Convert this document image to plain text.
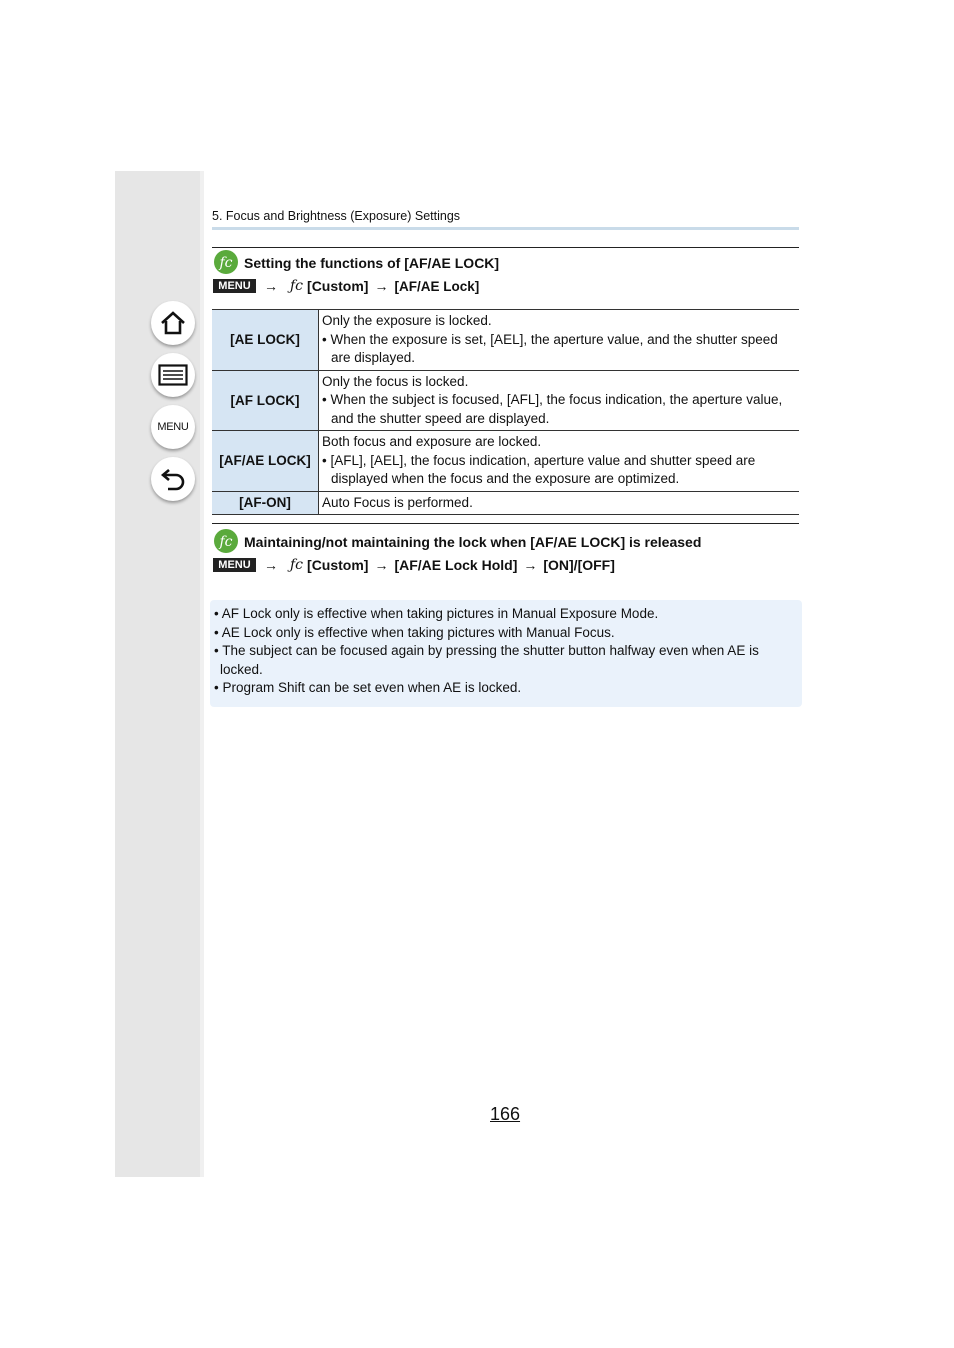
MENU
5. Focus and Brightness (Exposure) Settings
fc Setting the functions of [AF/AE LOCK]
MENU → ƒc [Custom] → [AF/AE Lock]
[AE LOCK]	Only the exposure is locked.
• When the exposure is set, [AEL], the aperture value, and the shutter speed are displayed.

[AF LOCK]	Only the focus is locked.
• When the subject is focused, [AFL], the focus indication, the aperture value, and the shutter speed are displayed.

[AF/AE LOCK]	Both focus and exposure are locked.
• [AFL], [AEL], the focus indication, aperture value and shutter speed are displayed when the focus and the exposure are optimized.

[AF-ON]	Auto Focus is performed.
fc Maintaining/not maintaining the lock when [AF/AE LOCK] is released
MENU → ƒc [Custom] → [AF/AE Lock Hold] → [ON]/[OFF]
• AF Lock only is effective when taking pictures in Manual Exposure Mode.
• AE Lock only is effective when taking pictures with Manual Focus.
• The subject can be focused again by pressing the shutter button halfway even when AE is locked.
• Program Shift can be set even when AE is locked.
166
